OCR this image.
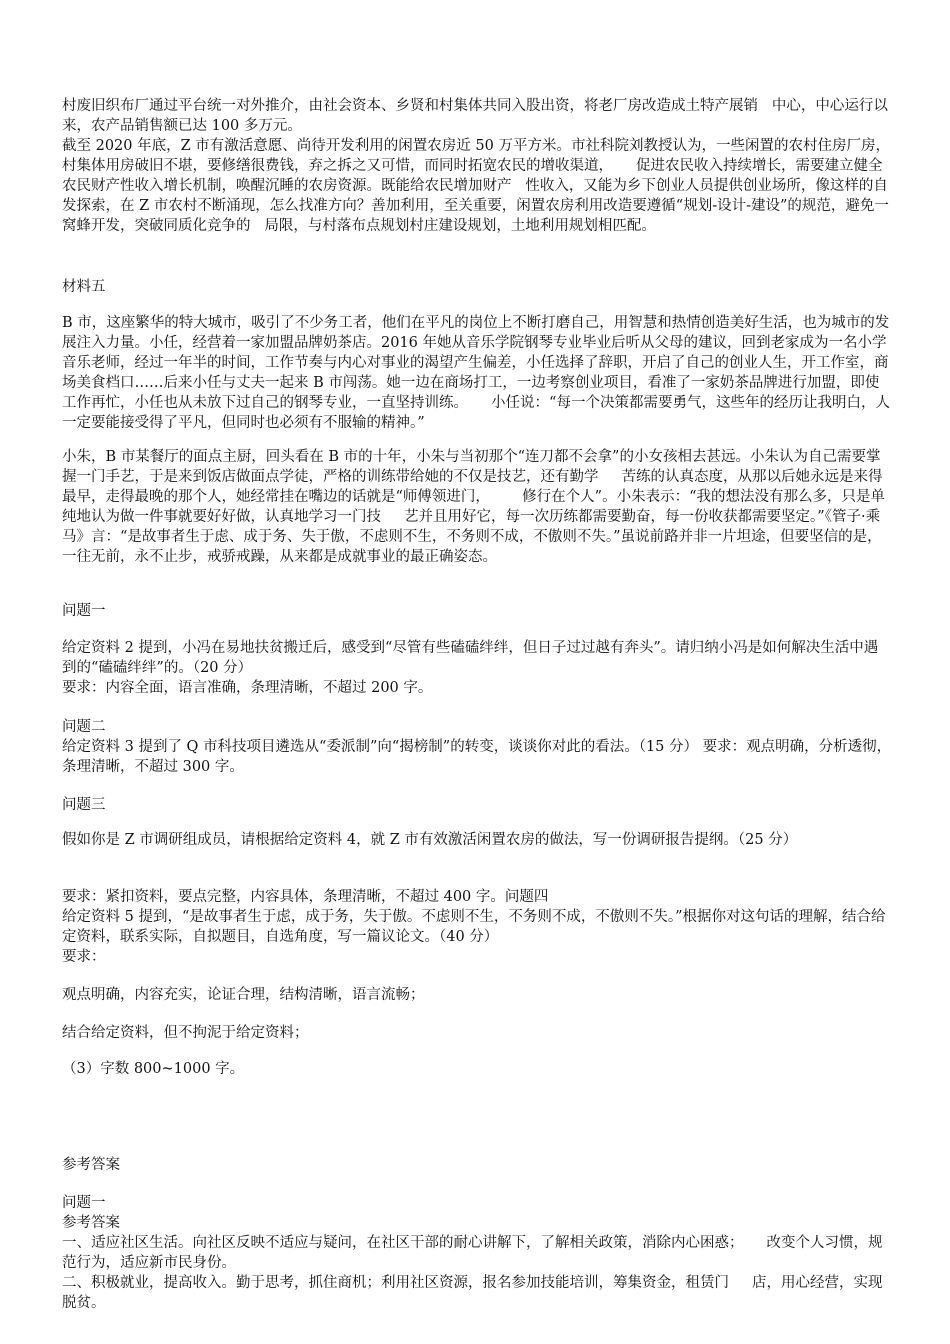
村废旧织布厂通过平台统一对外推介，由社会资本、乡贤和村集体共同入股出资，将老厂房改造成土特产展销   中心，中心运行以来，农产品销售额已达 100 多万元。
截至 2020 年底，Z 市有激活意愿、尚待开发利用的闲置农房近 50 万平方米。市社科院刘教授认为，一些闲置的农村住房厂房，村集体用房破旧不堪，要修缮很费钱，弃之拆之又可惜，而同时拓宽农民的增收渠道，     促进农民收入持续增长，需要建立健全农民财产性收入增长机制，唤醒沉睡的农房资源。既能给农民增加财产   性收入，又能为乡下创业人员提供创业场所，像这样的自发探索，在 Z 市农村不断涌现，怎么找准方向？善加利用，至关重要，闲置农房利用改造要遵循“规划-设计-建设”的规范，避免一窝蜂开发，突破同质化竞争的   局限，与村落布点规划村庄建设规划，土地利用规划相匹配。

材料五

B 市，这座繁华的特大城市，吸引了不少务工者，他们在平凡的岗位上不断打磨自己，用智慧和热情创造美好生活，也为城市的发展注入力量。小任，经营着一家加盟品牌奶茶店。2016 年她从音乐学院钢琴专业毕业后听从父母的建议，回到老家成为一名小学音乐老师，经过一年半的时间，工作节奏与内心对事业的渴望产生偏差，小任选择了辞职，开启了自己的创业人生，开工作室，商场美食档口……后来小任与丈夫一起来 B 市闯荡。她一边在商场打工，一边考察创业项目，看准了一家奶茶品牌进行加盟，即使工作再忙，小任也从未放下过自己的钢琴专业，一直坚持训练。     小任说：“每一个决策都需要勇气，这些年的经历让我明白，人一定要能接受得了平凡，但同时也必须有不服输的精神。”

小朱，B 市某餐厅的面点主厨，回头看在 B 市的十年，小朱与当初那个“连刀都不会拿”的小女孩相去甚远。小朱认为自己需要掌握一门手艺，于是来到饭店做面点学徒，严格的训练带给她的不仅是技艺，还有勤学     苦练的认真态度，从那以后她永远是来得最早，走得最晚的那个人，她经常挂在嘴边的话就是“师傅领进门，       修行在个人”。小朱表示：“我的想法没有那么多，只是单纯地认为做一件事就要好好做，认真地学习一门技     艺并且用好它，每一次历练都需要勤奋，每一份收获都需要坚定。”《管子·乘马》言：“是故事者生于虑、成于务、失于傲，不虑则不生，不务则不成，不傲则不失。”虽说前路并非一片坦途，但要坚信的是，一往无前，永不止步，戒骄戒躁，从来都是成就事业的最正确姿态。

问题一

给定资料 2 提到，小冯在易地扶贫搬迁后，感受到“尽管有些磕磕绊绊，但日子过过越有奔头”。请归纳小冯是如何解决生活中遇到的“磕磕绊绊”的。（20 分）
要求：内容全面，语言准确，条理清晰，不超过 200 字。

问题二
给定资料 3 提到了 Q 市科技项目遴选从“委派制”向“揭榜制”的转变，谈谈你对此的看法。（15 分） 要求：观点明确，分析透彻，条理清晰，不超过 300 字。

问题三

假如你是 Z 市调研组成员，请根据给定资料 4，就 Z 市有效激活闲置农房的做法，写一份调研报告提纲。（25 分）

要求：紧扣资料，要点完整，内容具体，条理清晰，不超过 400 字。问题四
给定资料 5 提到，“是故事者生于虑，成于务，失于傲。不虑则不生，不务则不成，不傲则不失。”根据你对这句话的理解，结合给定资料，联系实际，自拟题目，自选角度，写一篇议论文。（40 分）
要求：

观点明确，内容充实，论证合理，结构清晰，语言流畅；

结合给定资料，但不拘泥于给定资料；

（3）字数 800~1000 字。

参考答案

问题一
参考答案
一、适应社区生活。向社区反映不适应与疑问，在社区干部的耐心讲解下，了解相关政策，消除内心困惑；     改变个人习惯，规范行为，适应新市民身份。
二、积极就业，提高收入。勤于思考，抓住商机；利用社区资源，报名参加技能培训，筹集资金，租赁门     店，用心经营，实现脱贫。
